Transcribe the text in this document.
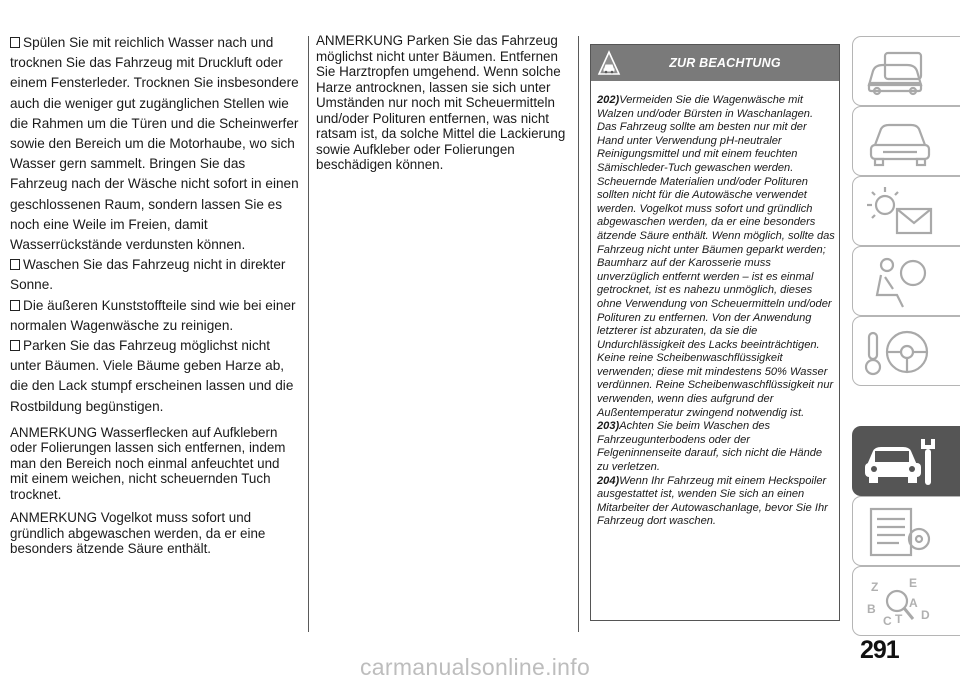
Spülen Sie mit reichlich Wasser nach und trocknen Sie das Fahrzeug mit Druckluft oder einem Fensterleder. Trocknen Sie insbesondere auch die weniger gut zugänglichen Stellen wie die Rahmen um die Türen und die Scheinwerfer sowie den Bereich um die Motorhaube, wo sich Wasser gern sammelt. Bringen Sie das Fahrzeug nach der Wäsche nicht sofort in einen geschlossenen Raum, sondern lassen Sie es noch eine Weile im Freien, damit Wasserrückstände verdunsten können.

Waschen Sie das Fahrzeug nicht in direkter Sonne.

Die äußeren Kunststoffteile sind wie bei einer normalen Wagenwäsche zu reinigen.

Parken Sie das Fahrzeug möglichst nicht unter Bäumen. Viele Bäume geben Harze ab, die den Lack stumpf erscheinen lassen und die Rostbildung begünstigen.

ANMERKUNG Wasserflecken auf Aufklebern oder Folierungen lassen sich entfernen, indem man den Bereich noch einmal anfeuchtet und mit einem weichen, nicht scheuernden Tuch trocknet.

ANMERKUNG Vogelkot muss sofort und gründlich abgewaschen werden, da er eine besonders ätzende Säure enthält.

ANMERKUNG Parken Sie das Fahrzeug möglichst nicht unter Bäumen. Entfernen Sie Harztropfen umgehend. Wenn solche Harze antrocknen, lassen sie sich unter Umständen nur noch mit Scheuermitteln und/oder Polituren entfernen, was nicht ratsam ist, da solche Mittel die Lackierung sowie Aufkleber oder Folierungen beschädigen können.

ZUR BEACHTUNG

202)Vermeiden Sie die Wagenwäsche mit Walzen und/oder Bürsten in Waschanlagen. Das Fahrzeug sollte am besten nur mit der Hand unter Verwendung pH-neutraler Reinigungsmittel und mit einem feuchten Sämischleder-Tuch gewaschen werden. Scheuernde Materialien und/oder Polituren sollten nicht für die Autowäsche verwendet werden. Vogelkot muss sofort und gründlich abgewaschen werden, da er eine besonders ätzende Säure enthält. Wenn möglich, sollte das Fahrzeug nicht unter Bäumen geparkt werden; Baumharz auf der Karosserie muss unverzüglich entfernt werden – ist es einmal getrocknet, ist es nahezu unmöglich, dieses ohne Verwendung von Scheuermitteln und/oder Polituren zu entfernen. Von der Anwendung letzterer ist abzuraten, da sie die Undurchlässigkeit des Lacks beeinträchtigen. Keine reine Scheibenwaschflüssigkeit verwenden; diese mit mindestens 50% Wasser verdünnen. Reine Scheibenwaschflüssigkeit nur verwenden, wenn dies aufgrund der Außentemperatur zwingend notwendig ist.

203)Achten Sie beim Waschen des Fahrzeugunterbodens oder der Felgeninnenseite darauf, sich nicht die Hände zu verletzen.

204)Wenn Ihr Fahrzeug mit einem Heckspoiler ausgestattet ist, wenden Sie sich an einen Mitarbeiter der Autowaschanlage, bevor Sie Ihr Fahrzeug dort waschen.

Z	E
B
C T
A
D
291
carmanualsonline.info
